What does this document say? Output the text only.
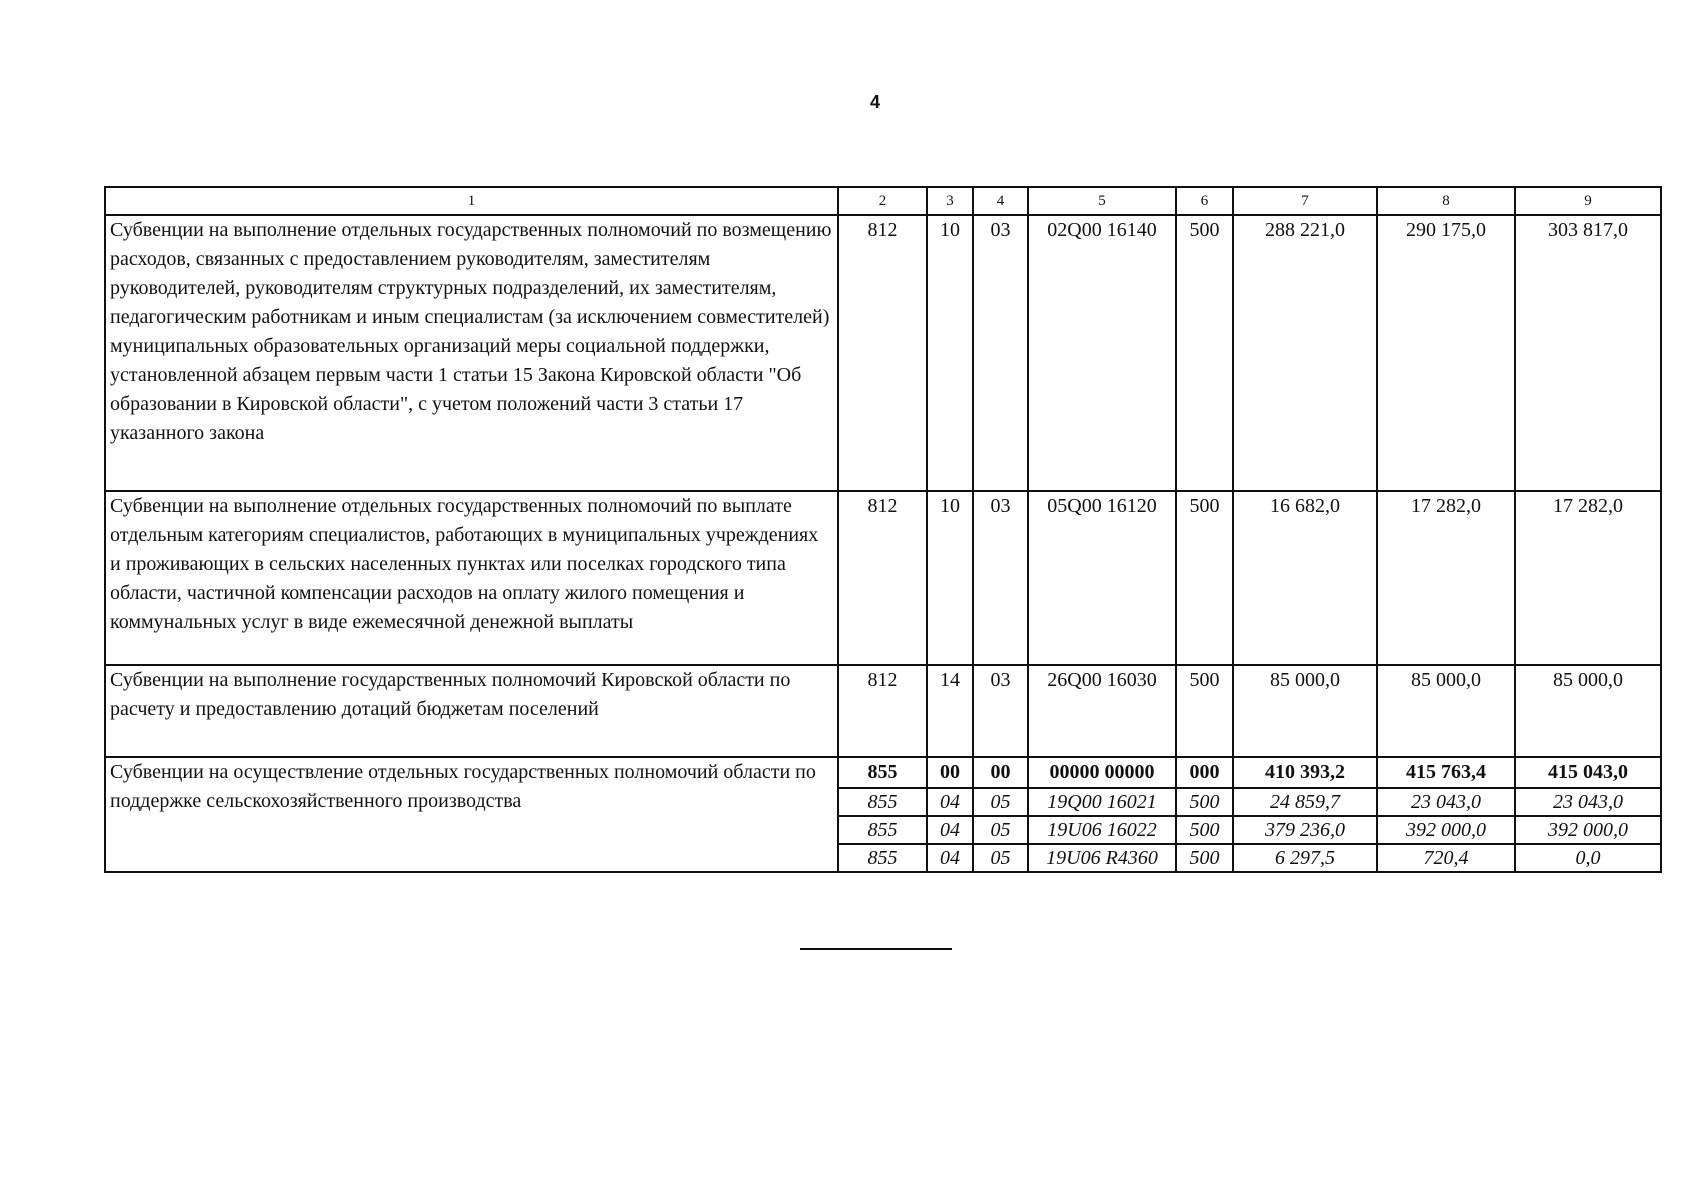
4
1	2	3	4	5	6	7	8	9
Субвенции на выполнение отдельных государственных полномочий по возмещению расходов, связанных с предоставлением руководителям, заместителям руководителей, руководителям структурных подразделений, их заместителям, педагогическим работникам и иным специалистам (за исключением совместителей) муниципальных образовательных организаций меры социальной поддержки, установленной абзацем первым части 1 статьи 15 Закона Кировской области "Об образовании в Кировской области", с учетом положений части 3 статьи 17 указанного закона	812	10	03	02Q00 16140	500	288 221,0	290 175,0	303 817,0
Субвенции на выполнение отдельных государственных полномочий по выплате отдельным категориям специалистов, работающих в муниципальных учреждениях и проживающих в сельских населенных пунктах или поселках городского типа области, частичной компенсации расходов на оплату жилого помещения и коммунальных услуг в виде ежемесячной денежной выплаты	812	10	03	05Q00 16120	500	16 682,0	17 282,0	17 282,0
Субвенции на выполнение государственных полномочий Кировской области по расчету и предоставлению дотаций бюджетам поселений	812	14	03	26Q00 16030	500	85 000,0	85 000,0	85 000,0
Субвенции на осуществление отдельных государственных полномочий области по поддержке сельскохозяйственного производства	855	00	00	00000 00000	000	410 393,2	415 763,4	415 043,0
	855	04	05	19Q00 16021	500	24 859,7	23 043,0	23 043,0
	855	04	05	19U06 16022	500	379 236,0	392 000,0	392 000,0
	855	04	05	19U06 R4360	500	6 297,5	720,4	0,0
